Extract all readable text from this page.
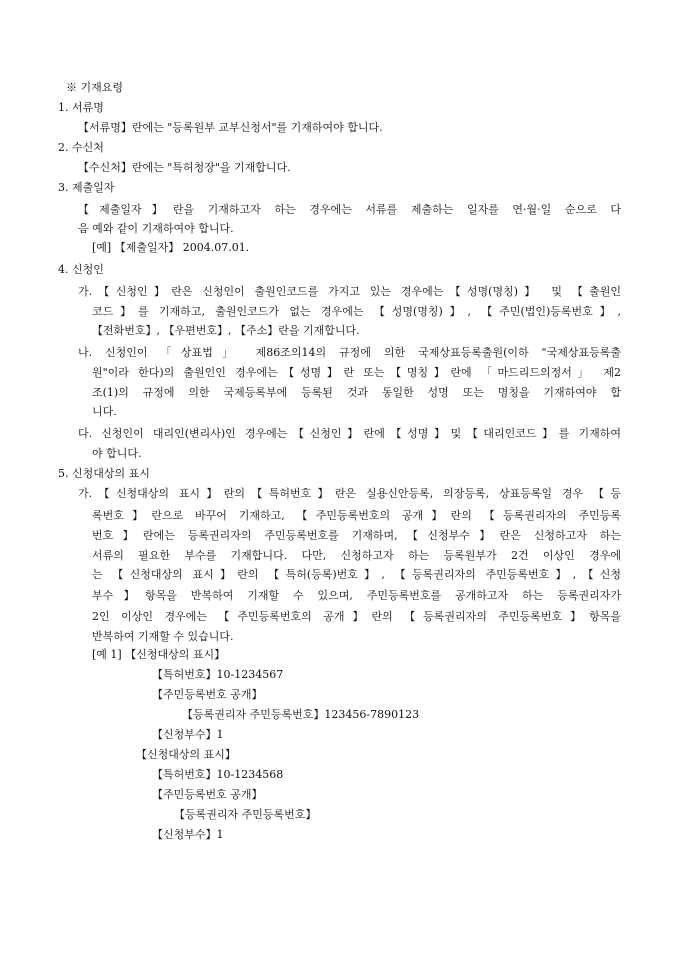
※ 기재요령
1. 서류명
【서류명】란에는 "등록원부 교부신청서"를 기재하여야 합니다.
2. 수신처
【수신처】란에는 "특허청장"을 기재합니다.
3. 제출일자
【제출일자】란을 기재하고자 하는 경우에는 서류를 제출하는 일자를 연·월·일 순으로 다
음 예와 같이 기재하여야 합니다.
[예] 【제출일자】 2004.07.01.
4. 신청인
가.【신청인】란은 신청인이 출원인코드를 가지고 있는 경우에는【성명(명칭)】 및 【출원인
코드】를 기재하고, 출원인코드가 없는 경우에는 【성명(명칭)】, 【주민(법인)등록번호】,
【전화번호】, 【우편번호】, 【주소】란을 기재합니다.
나. 신청인이 「상표법」 제86조의14의 규정에 의한 국제상표등록출원(이하 "국제상표등록출
원"이라 한다)의 출원인인 경우에는【성명】란 또는【명칭】란에 「마드리드의정서」 제2
조(1)의 규정에 의한 국제등록부에 등록된 것과 동일한 성명 또는 명칭을 기재하여야 합
니다.
다. 신청인이 대리인(변리사)인 경우에는【신청인】란에【성명】및【대리인코드】를 기재하여
야 합니다.
5. 신청대상의 표시
가.【신청대상의 표시】란의【특허번호】란은 실용신안등록, 의장등록, 상표등록일 경우 【등
록번호】란으로 바꾸어 기재하고, 【주민등록번호의 공개】란의 【등록권리자의 주민등록
번호】란에는 등록권리자의 주민등록번호를 기재하며,【신청부수】란은 신청하고자 하는
서류의 필요한 부수를 기재합니다. 다만, 신청하고자 하는 등록원부가 2건 이상인 경우에
는 【신청대상의 표시】란의 【특허(등록)번호】, 【등록권리자의 주민등록번호】,【신청
부수】항목을 반복하여 기재할 수 있으며, 주민등록번호를 공개하고자 하는 등록권리자가
2인 이상인 경우에는 【주민등록번호의 공개】란의 【등록권리자의 주민등록번호】항목을
반복하여 기재할 수 있습니다.
[예 1] 【신청대상의 표시】
【특허번호】10-1234567
【주민등록번호 공개】
【등록권리자 주민등록번호】123456-7890123
【신청부수】1
【신청대상의 표시】
【특허번호】10-1234568
【주민등록번호 공개】
【등록권리자 주민등록번호】
【신청부수】1
